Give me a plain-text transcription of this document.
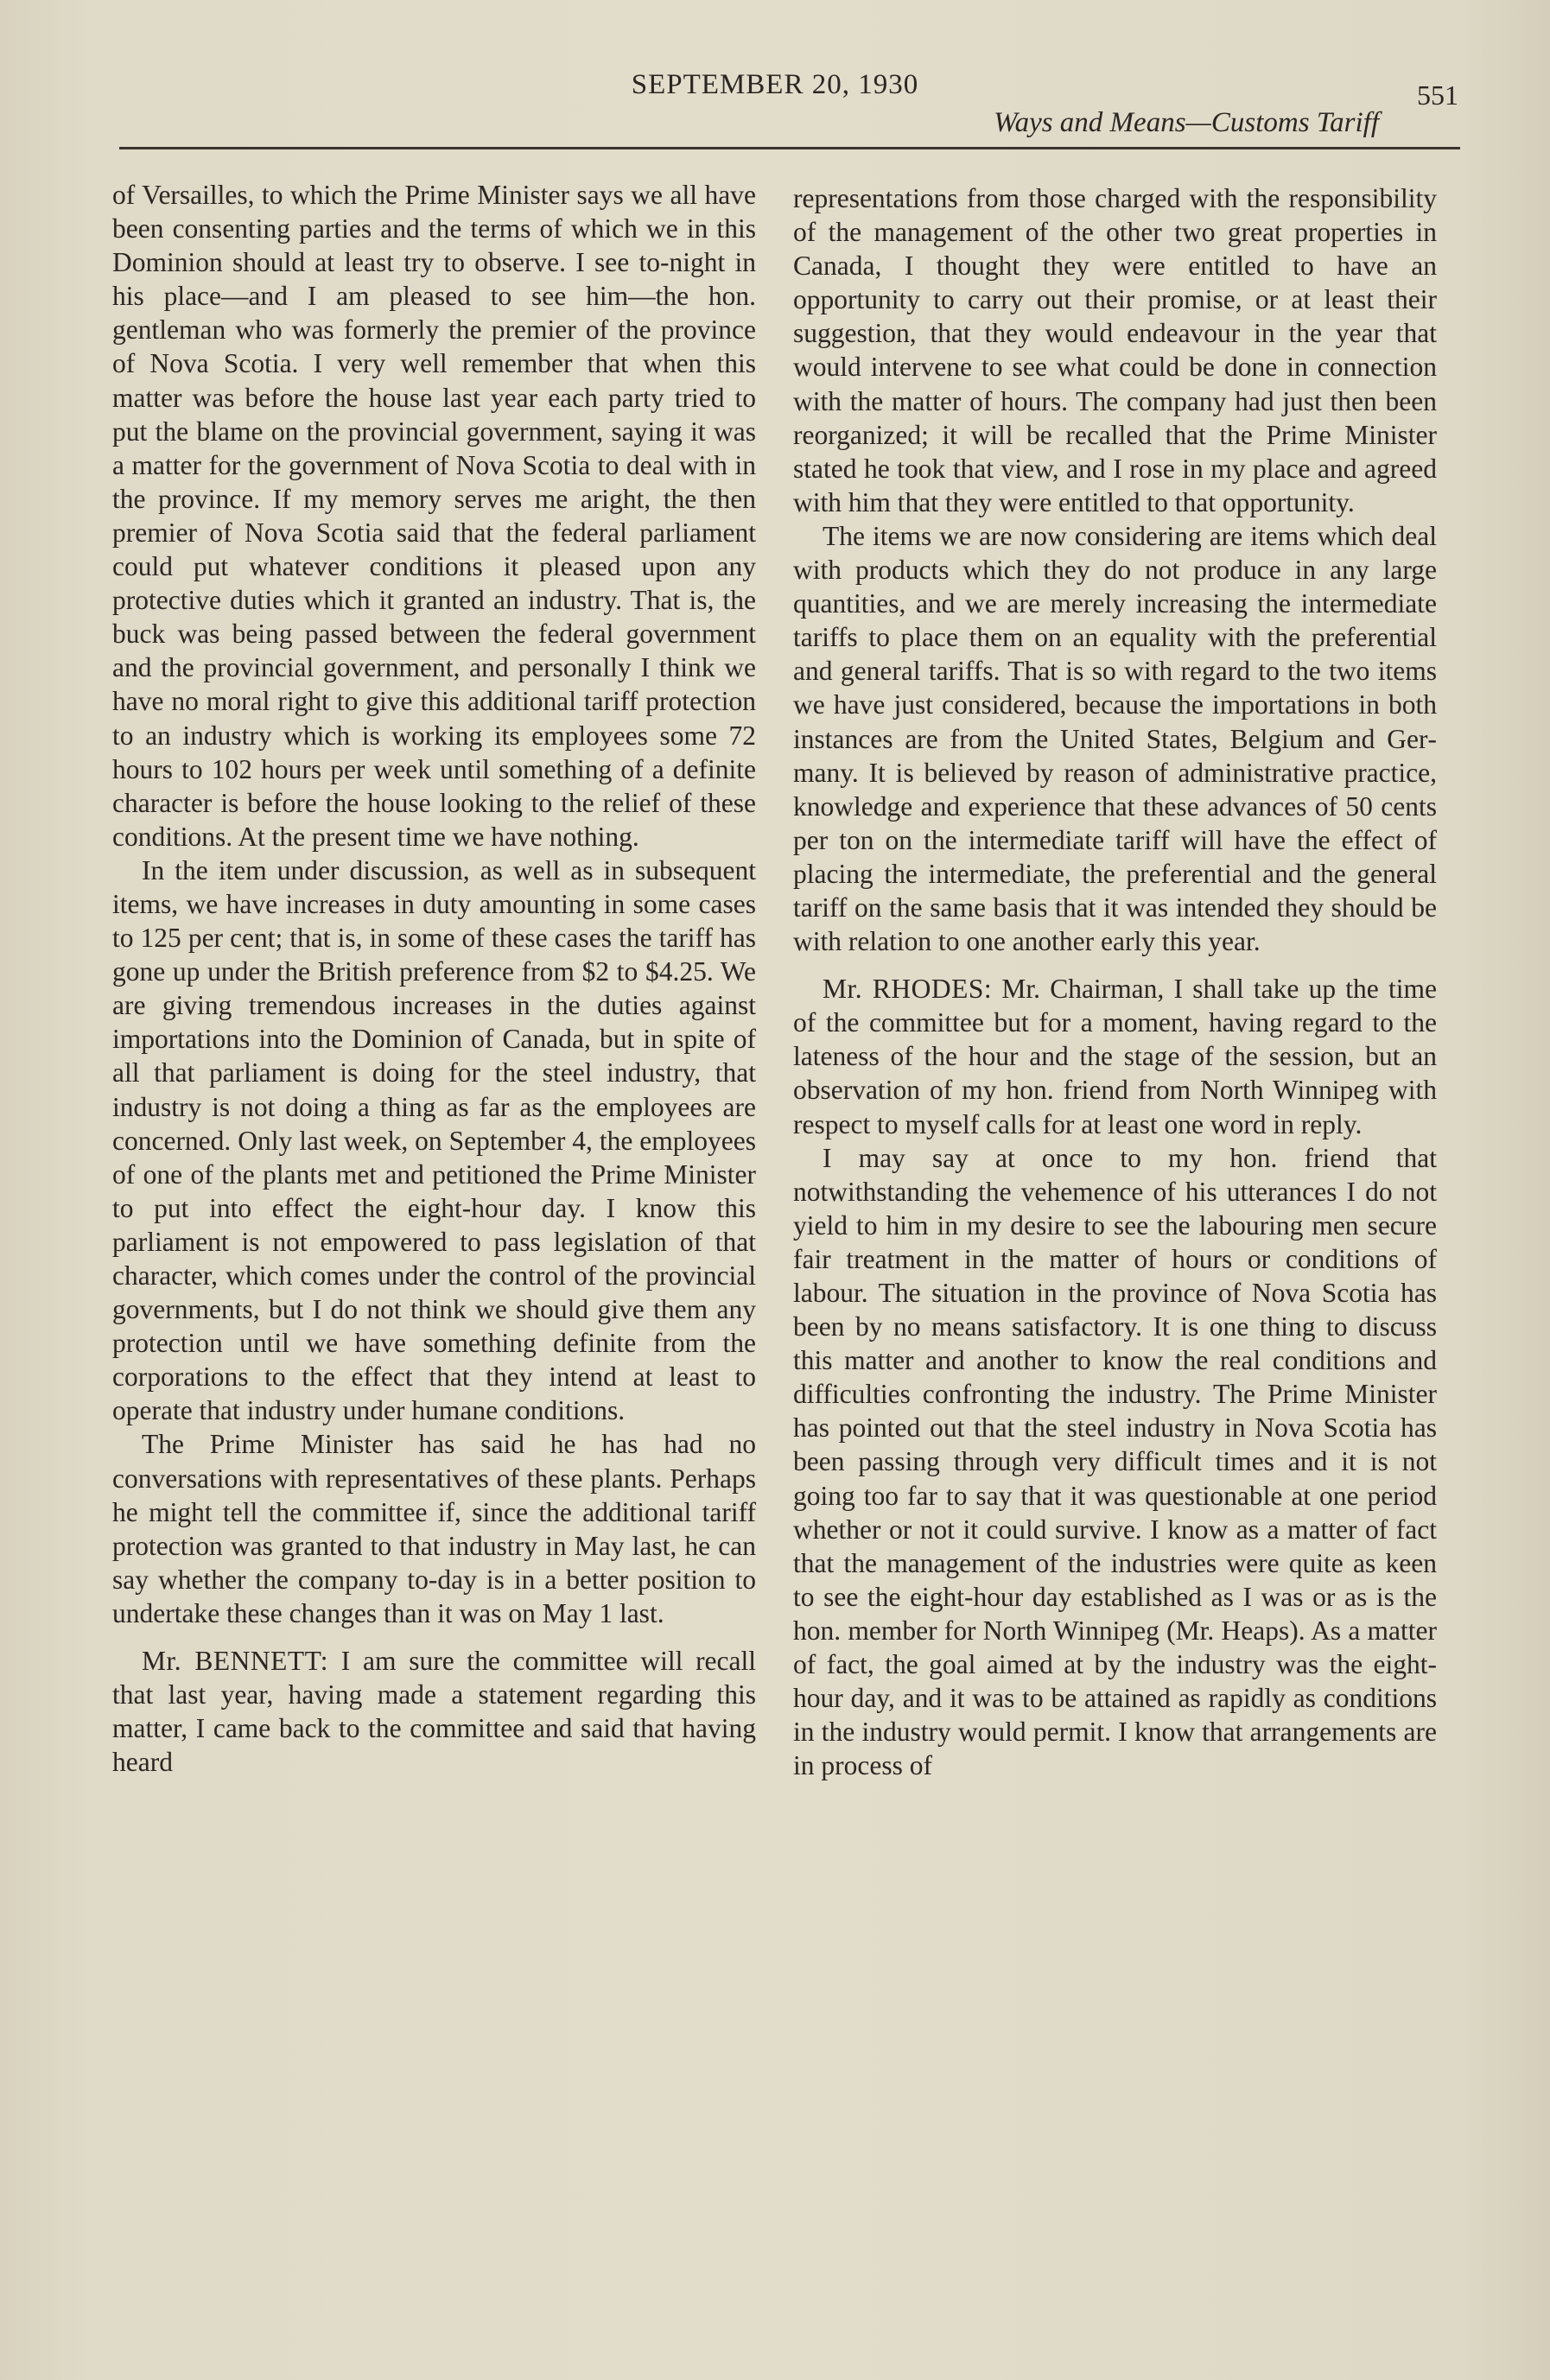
SEPTEMBER 20, 1930	551
Ways and Means—Customs Tariff

of Versailles, to which the Prime Minister says we all have been consenting parties and the terms of which we in this Dominion should at least try to observe. I see to-night in his place—and I am pleased to see him—the hon. gentleman who was formerly the premier of the province of Nova Scotia. I very well remember that when this matter was before the house last year each party tried to put the blame on the provincial government, saying it was a matter for the government of Nova Scotia to deal with in the province. If my memory serves me aright, the then premier of Nova Scotia said that the federal parliament could put whatever conditions it pleased upon any protective duties which it granted an industry. That is, the buck was being passed between the federal government and the provincial government, and personally I think we have no moral right to give this additional tariff protection to an industry which is working its employees some 72 hours to 102 hours per week until something of a definite character is before the house looking to the relief of these conditions. At the present time we have nothing.

In the item under discussion, as well as in subsequent items, we have increases in duty amounting in some cases to 125 per cent; that is, in some of these cases the tariff has gone up under the British preference from $2 to $4.25. We are giving tremendous increases in the duties against importations into the Dominion of Canada, but in spite of all that parliament is doing for the steel industry, that industry is not doing a thing as far as the employees are concerned. Only last week, on September 4, the employees of one of the plants met and petitioned the Prime Minister to put into effect the eight-hour day. I know this parliament is not empowered to pass legislation of that character, which comes under the control of the provincial governments, but I do not think we should give them any protection until we have something definite from the corporations to the effect that they intend at least to operate that industry under humane conditions.

The Prime Minister has said he has had no conversations with representatives of these plants. Perhaps he might tell the committee if, since the additional tariff protection was granted to that industry in May last, he can say whether the company to-day is in a better position to undertake these changes than it was on May 1 last.

Mr. BENNETT: I am sure the committee will recall that last year, having made a statement regarding this matter, I came back to the committee and said that having heard

representations from those charged with the responsibility of the management of the other two great properties in Canada, I thought they were entitled to have an opportunity to carry out their promise, or at least their suggestion, that they would endeavour in the year that would intervene to see what could be done in connection with the matter of hours. The company had just then been reorganized; it will be recalled that the Prime Minister stated he took that view, and I rose in my place and agreed with him that they were entitled to that opportunity.

The items we are now considering are items which deal with products which they do not produce in any large quantities, and we are merely increasing the intermediate tariffs to place them on an equality with the preferential and general tariffs. That is so with regard to the two items we have just considered, because the importations in both instances are from the United States, Belgium and Germany. It is believed by reason of administrative practice, knowledge and experience that these advances of 50 cents per ton on the intermediate tariff will have the effect of placing the intermediate, the preferential and the general tariff on the same basis that it was intended they should be with relation to one another early this year.

Mr. RHODES: Mr. Chairman, I shall take up the time of the committee but for a moment, having regard to the lateness of the hour and the stage of the session, but an observation of my hon. friend from North Winnipeg with respect to myself calls for at least one word in reply.

I may say at once to my hon. friend that notwithstanding the vehemence of his utterances I do not yield to him in my desire to see the labouring men secure fair treatment in the matter of hours or conditions of labour. The situation in the province of Nova Scotia has been by no means satisfactory. It is one thing to discuss this matter and another to know the real conditions and difficulties confronting the industry. The Prime Minister has pointed out that the steel industry in Nova Scotia has been passing through very difficult times and it is not going too far to say that it was questionable at one period whether or not it could survive. I know as a matter of fact that the management of the industries were quite as keen to see the eight-hour day established as I was or as is the hon. member for North Winnipeg (Mr. Heaps). As a matter of fact, the goal aimed at by the industry was the eight-hour day, and it was to be attained as rapidly as conditions in the industry would permit. I know that arrangements are in process of
